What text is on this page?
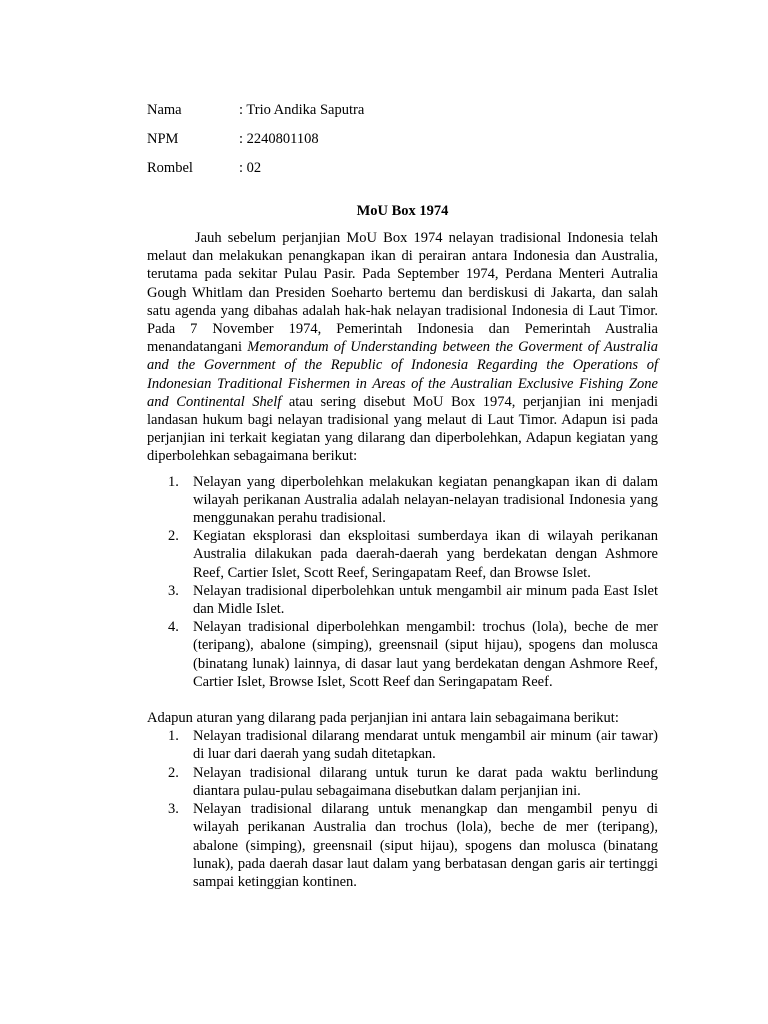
Nama	: Trio Andika Saputra
NPM	: 2240801108
Rombel	: 02
MoU Box 1974

Jauh sebelum perjanjian MoU Box 1974 nelayan tradisional Indonesia telah melaut dan melakukan penangkapan ikan di perairan antara Indonesia dan Australia, terutama pada sekitar Pulau Pasir. Pada September 1974, Perdana Menteri Autralia Gough Whitlam dan Presiden Soeharto bertemu dan berdiskusi di Jakarta, dan salah satu agenda yang dibahas adalah hak-hak nelayan tradisional Indonesia di Laut Timor. Pada 7 November 1974, Pemerintah Indonesia dan Pemerintah Australia menandatangani Memorandum of Understanding between the Goverment of Australia and the Government of the Republic of Indonesia Regarding the Operations of Indonesian Traditional Fishermen in Areas of the Australian Exclusive Fishing Zone and Continental Shelf atau sering disebut MoU Box 1974, perjanjian ini menjadi landasan hukum bagi nelayan tradisional yang melaut di Laut Timor. Adapun isi pada perjanjian ini terkait kegiatan yang dilarang dan diperbolehkan, Adapun kegiatan yang diperbolehkan sebagaimana berikut:

1. Nelayan yang diperbolehkan melakukan kegiatan penangkapan ikan di dalam wilayah perikanan Australia adalah nelayan-nelayan tradisional Indonesia yang menggunakan perahu tradisional.
2. Kegiatan eksplorasi dan eksploitasi sumberdaya ikan di wilayah perikanan Australia dilakukan pada daerah-daerah yang berdekatan dengan Ashmore Reef, Cartier Islet, Scott Reef, Seringapatam Reef, dan Browse Islet.
3. Nelayan tradisional diperbolehkan untuk mengambil air minum pada East Islet dan Midle Islet.
4. Nelayan tradisional diperbolehkan mengambil: trochus (lola), beche de mer (teripang), abalone (simping), greensnail (siput hijau), spogens dan molusca (binatang lunak) lainnya, di dasar laut yang berdekatan dengan Ashmore Reef, Cartier Islet, Browse Islet, Scott Reef dan Seringapatam Reef.

Adapun aturan yang dilarang pada perjanjian ini antara lain sebagaimana berikut:

1. Nelayan tradisional dilarang mendarat untuk mengambil air minum (air tawar) di luar dari daerah yang sudah ditetapkan.
2. Nelayan tradisional dilarang untuk turun ke darat pada waktu berlindung diantara pulau-pulau sebagaimana disebutkan dalam perjanjian ini.
3. Nelayan tradisional dilarang untuk menangkap dan mengambil penyu di wilayah perikanan Australia dan trochus (lola), beche de mer (teripang), abalone (simping), greensnail (siput hijau), spogens dan molusca (binatang lunak), pada daerah dasar laut dalam yang berbatasan dengan garis air tertinggi sampai ketinggian kontinen.
